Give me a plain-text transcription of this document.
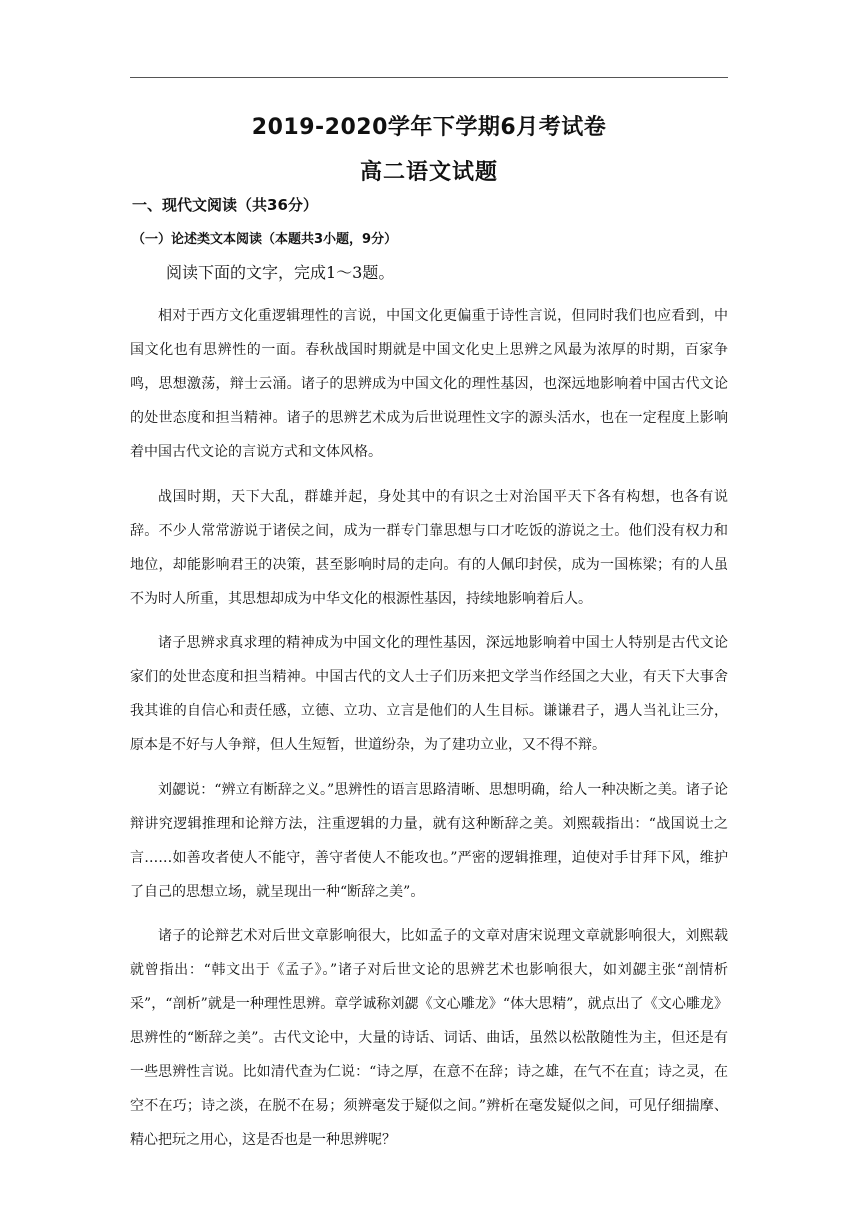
2019-2020学年下学期6月考试卷
高二语文试题
一、现代文阅读（共36分）
（一）论述类文本阅读（本题共3小题，9分）
阅读下面的文字，完成1～3题。

相对于西方文化重逻辑理性的言说，中国文化更偏重于诗性言说，但同时我们也应看到，中国文化也有思辨性的一面。春秋战国时期就是中国文化史上思辨之风最为浓厚的时期，百家争鸣，思想激荡，辩士云涌。诸子的思辨成为中国文化的理性基因，也深远地影响着中国古代文论的处世态度和担当精神。诸子的思辨艺术成为后世说理性文字的源头活水，也在一定程度上影响着中国古代文论的言说方式和文体风格。

战国时期，天下大乱，群雄并起，身处其中的有识之士对治国平天下各有构想，也各有说辞。不少人常常游说于诸侯之间，成为一群专门靠思想与口才吃饭的游说之士。他们没有权力和地位，却能影响君王的决策，甚至影响时局的走向。有的人佩印封侯，成为一国栋梁；有的人虽不为时人所重，其思想却成为中华文化的根源性基因，持续地影响着后人。

诸子思辨求真求理的精神成为中国文化的理性基因，深远地影响着中国士人特别是古代文论家们的处世态度和担当精神。中国古代的文人士子们历来把文学当作经国之大业，有天下大事舍我其谁的自信心和责任感，立德、立功、立言是他们的人生目标。谦谦君子，遇人当礼让三分，原本是不好与人争辩，但人生短暂，世道纷杂，为了建功立业，又不得不辩。

刘勰说：“辨立有断辞之义。”思辨性的语言思路清晰、思想明确，给人一种决断之美。诸子论辩讲究逻辑推理和论辩方法，注重逻辑的力量，就有这种断辞之美。刘熙载指出：“战国说士之言……如善攻者使人不能守，善守者使人不能攻也。”严密的逻辑推理，迫使对手甘拜下风，维护了自己的思想立场，就呈现出一种“断辞之美”。

诸子的论辩艺术对后世文章影响很大，比如孟子的文章对唐宋说理文章就影响很大，刘熙载就曾指出：“韩文出于《孟子》。”诸子对后世文论的思辨艺术也影响很大，如刘勰主张“剖情析采”，“剖析”就是一种理性思辨。章学诚称刘勰《文心雕龙》“体大思精”，就点出了《文心雕龙》思辨性的“断辞之美”。古代文论中，大量的诗话、词话、曲话，虽然以松散随性为主，但还是有一些思辨性言说。比如清代查为仁说：“诗之厚，在意不在辞；诗之雄，在气不在直；诗之灵，在空不在巧；诗之淡，在脱不在易；须辨毫发于疑似之间。”辨析在毫发疑似之间，可见仔细揣摩、精心把玩之用心，这是否也是一种思辨呢？
